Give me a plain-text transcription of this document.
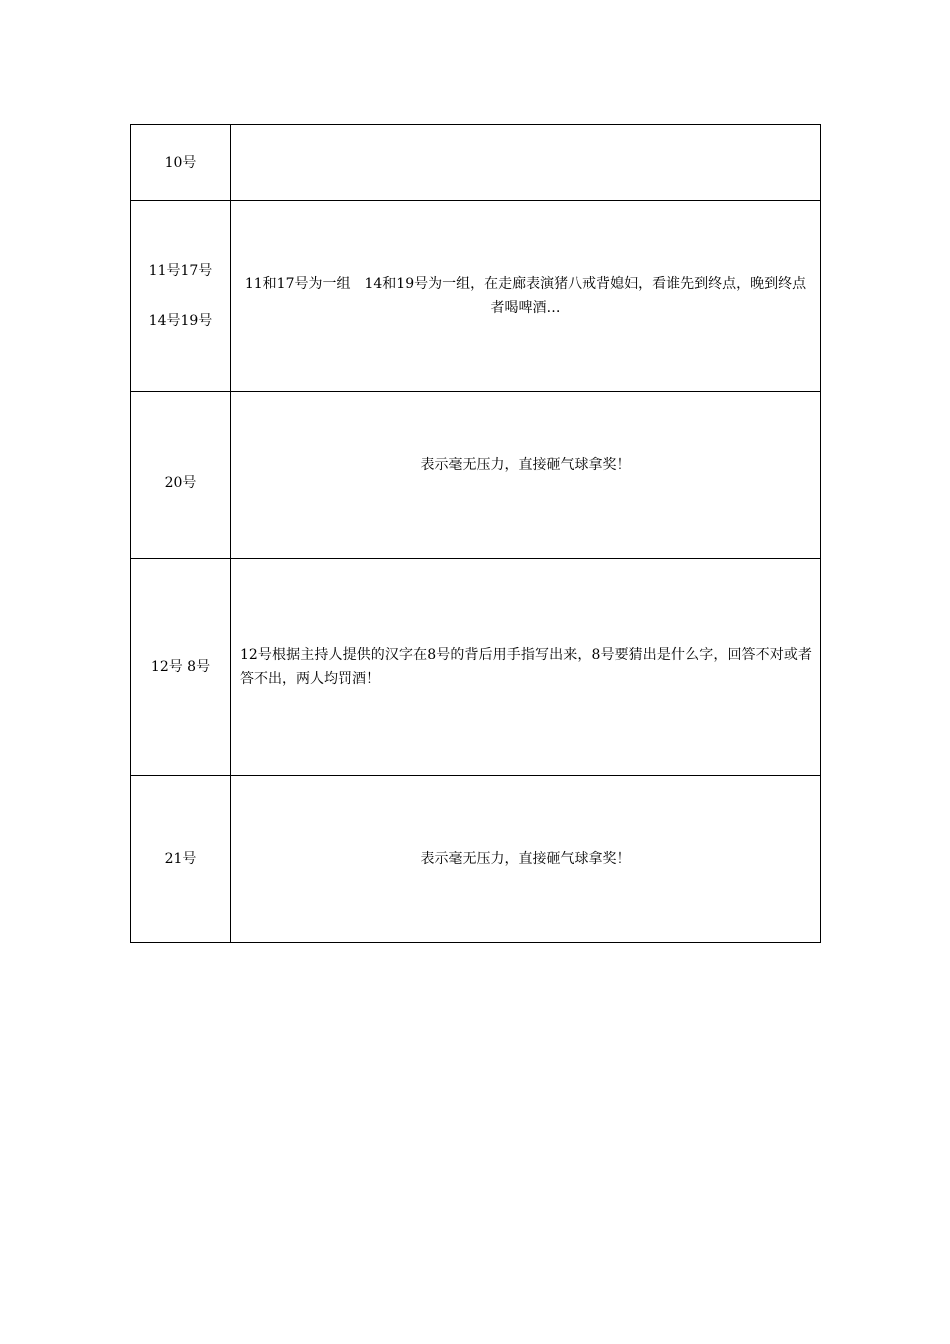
10号	

11号17号
14号19号	11和17号为一组　14和19号为一组，在走廊表演猪八戒背媳妇，看谁先到终点，晚到终点者喝啤酒…

20号	表示毫无压力，直接砸气球拿奖！

12号 8号	12号根据主持人提供的汉字在8号的背后用手指写出来，8号要猜出是什么字，回答不对或者答不出，两人均罚酒！

21号	表示毫无压力，直接砸气球拿奖！
